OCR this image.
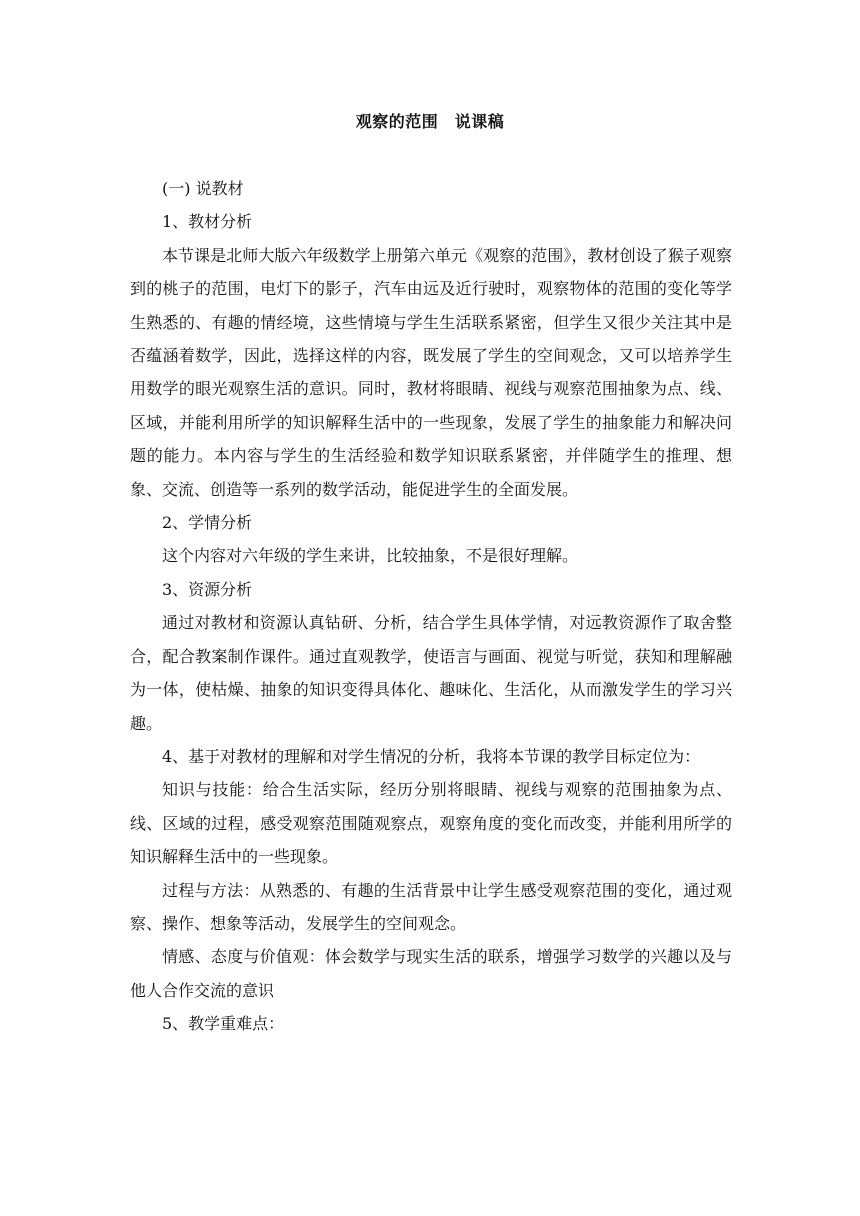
观察的范围　说课稿

(一) 说教材

1、教材分析

本节课是北师大版六年级数学上册第六单元《观察的范围》，教材创设了猴子观察到的桃子的范围，电灯下的影子，汽车由远及近行驶时，观察物体的范围的变化等学生熟悉的、有趣的情经境，这些情境与学生生活联系紧密，但学生又很少关注其中是否蕴涵着数学，因此，选择这样的内容，既发展了学生的空间观念，又可以培养学生 用数学的眼光观察生活的意识。同时，教材将眼睛、视线与观察范围抽象为点、线、区域，并能利用所学的知识解释生活中的一些现象，发展了学生的抽象能力和解决问题的能力。本内容与学生的生活经验和数学知识联系紧密，并伴随学生的推理、想象、交流、创造等一系列的数学活动，能促进学生的全面发展。

2、学情分析

这个内容对六年级的学生来讲，比较抽象，不是很好理解。

3、资源分析

通过对教材和资源认真钻研、分析，结合学生具体学情，对远教资源作了取舍整合，配合教案制作课件。通过直观教学，使语言与画面、视觉与听觉，获知和理解融为一体，使枯燥、抽象的知识变得具体化、趣味化、生活化，从而激发学生的学习兴趣。

4、基于对教材的理解和对学生情况的分析，我将本节课的教学目标定位为：

知识与技能：给合生活实际，经历分别将眼睛、视线与观察的范围抽象为点、线、区域的过程，感受观察范围随观察点，观察角度的变化而改变，并能利用所学的知识解释生活中的一些现象。

过程与方法：从熟悉的、有趣的生活背景中让学生感受观察范围的变化，通过观察、操作、想象等活动，发展学生的空间观念。

情感、态度与价值观：体会数学与现实生活的联系，增强学习数学的兴趣以及与他人合作交流的意识

5、教学重难点：
